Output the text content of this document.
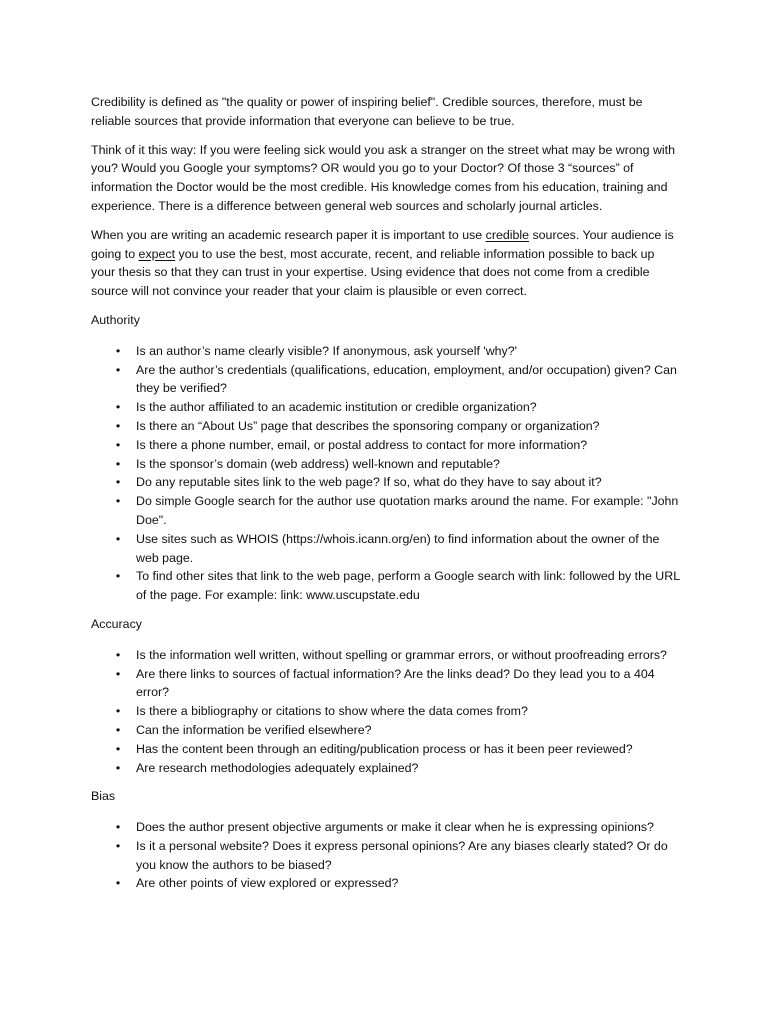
Credibility is defined as "the quality or power of inspiring belief". Credible sources, therefore, must be reliable sources that provide information that everyone can believe to be true.

Think of it this way: If you were feeling sick would you ask a stranger on the street what may be wrong with you? Would you Google your symptoms? OR would you go to your Doctor? Of those 3 “sources” of information the Doctor would be the most credible. His knowledge comes from his education, training and experience. There is a difference between general web sources and scholarly journal articles.

When you are writing an academic research paper it is important to use credible sources. Your audience is going to expect you to use the best, most accurate, recent, and reliable information possible to back up your thesis so that they can trust in your expertise. Using evidence that does not come from a credible source will not convince your reader that your claim is plausible or even correct.

Authority

• Is an author’s name clearly visible? If anonymous, ask yourself 'why?'
• Are the author’s credentials (qualifications, education, employment, and/or occupation) given? Can they be verified?
• Is the author affiliated to an academic institution or credible organization?
• Is there an “About Us” page that describes the sponsoring company or organization?
• Is there a phone number, email, or postal address to contact for more information?
• Is the sponsor’s domain (web address) well-known and reputable?
• Do any reputable sites link to the web page? If so, what do they have to say about it?
• Do simple Google search for the author use quotation marks around the name. For example: "John Doe".
• Use sites such as WHOIS (https://whois.icann.org/en) to find information about the owner of the web page.
• To find other sites that link to the web page, perform a Google search with link: followed by the URL of the page. For example: link: www.uscupstate.edu

Accuracy

• Is the information well written, without spelling or grammar errors, or without proofreading errors?
• Are there links to sources of factual information? Are the links dead? Do they lead you to a 404 error?
• Is there a bibliography or citations to show where the data comes from?
• Can the information be verified elsewhere?
• Has the content been through an editing/publication process or has it been peer reviewed?
• Are research methodologies adequately explained?

Bias

• Does the author present objective arguments or make it clear when he is expressing opinions?
• Is it a personal website? Does it express personal opinions? Are any biases clearly stated? Or do you know the authors to be biased?
• Are other points of view explored or expressed?
